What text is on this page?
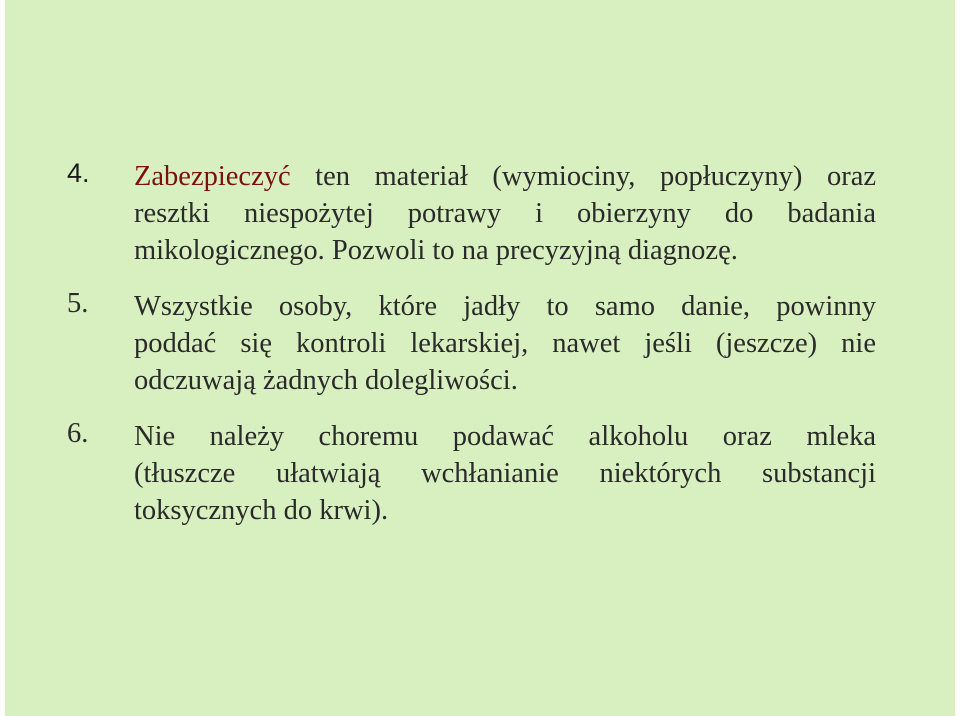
4. Zabezpieczyć ten materiał (wymiociny, popłuczyny) oraz
resztki niespożytej potrawy i obierzyny do badania
mikologicznego. Pozwoli to na precyzyjną diagnozę.
5. Wszystkie osoby, które jadły to samo danie, powinny
poddać się kontroli lekarskiej, nawet jeśli (jeszcze) nie
odczuwają żadnych dolegliwości.
6. Nie należy choremu podawać alkoholu oraz mleka
(tłuszcze ułatwiają wchłanianie niektórych substancji
toksycznych do krwi).
